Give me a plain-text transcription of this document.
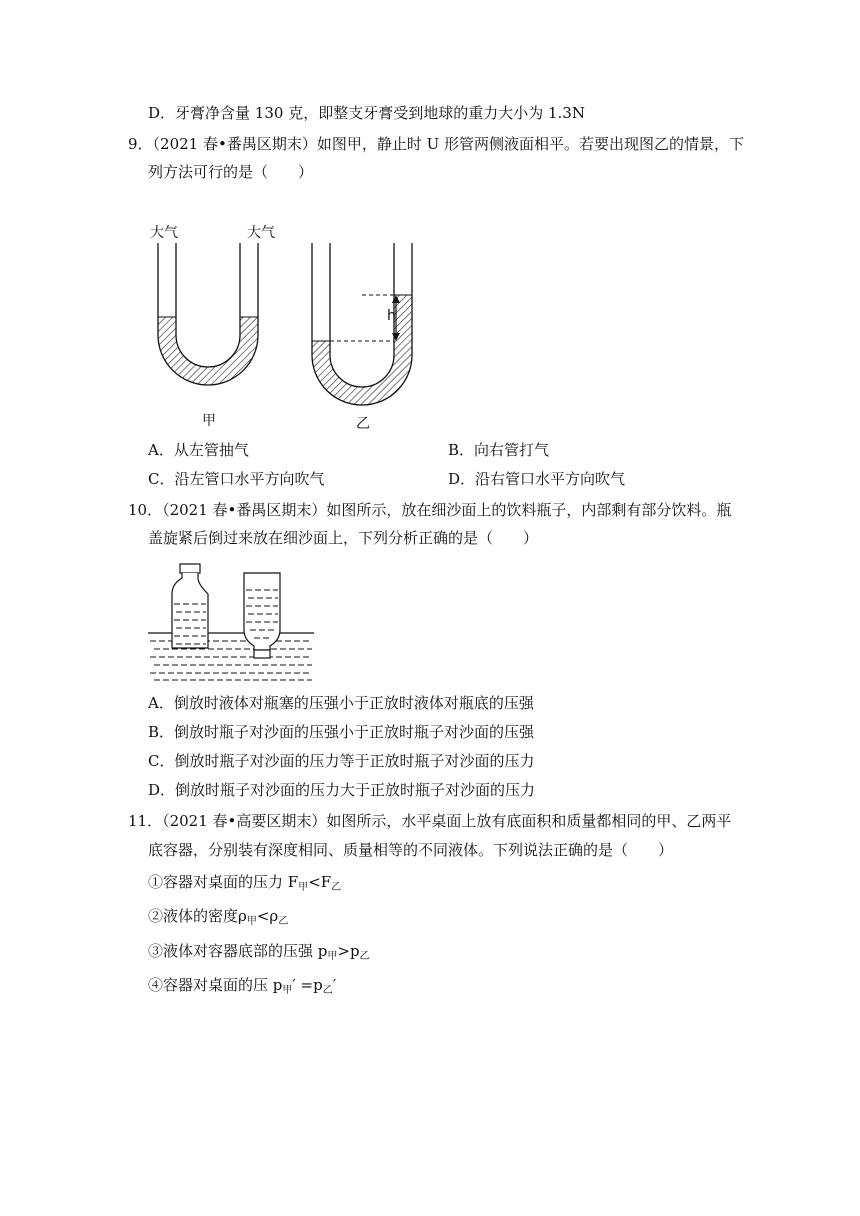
D．牙膏净含量 130 克，即整支牙膏受到地球的重力大小为 1.3N
9．（2021 春•番禺区期末）如图甲，静止时 U 形管两侧液面相平。若要出现图乙的情景，下
列方法可行的是（　　）
大气	大气
h
甲	乙
A．从左管抽气	B．向右管打气
C．沿左管口水平方向吹气	D．沿右管口水平方向吹气
10．（2021 春•番禺区期末）如图所示，放在细沙面上的饮料瓶子，内部剩有部分饮料。瓶
盖旋紧后倒过来放在细沙面上，下列分析正确的是（　　）
A．倒放时液体对瓶塞的压强小于正放时液体对瓶底的压强
B．倒放时瓶子对沙面的压强小于正放时瓶子对沙面的压强
C．倒放时瓶子对沙面的压力等于正放时瓶子对沙面的压力
D．倒放时瓶子对沙面的压力大于正放时瓶子对沙面的压力
11．（2021 春•高要区期末）如图所示，水平桌面上放有底面积和质量都相同的甲、乙两平
底容器，分别装有深度相同、质量相等的不同液体。下列说法正确的是（　　）
①容器对桌面的压力 $F_甲<F_乙$
②液体的密度$\rho_甲<\rho_乙$
③液体对容器底部的压强 $p_甲>p_乙$
④容器对桌面的压 $p_甲' =p_乙'$
